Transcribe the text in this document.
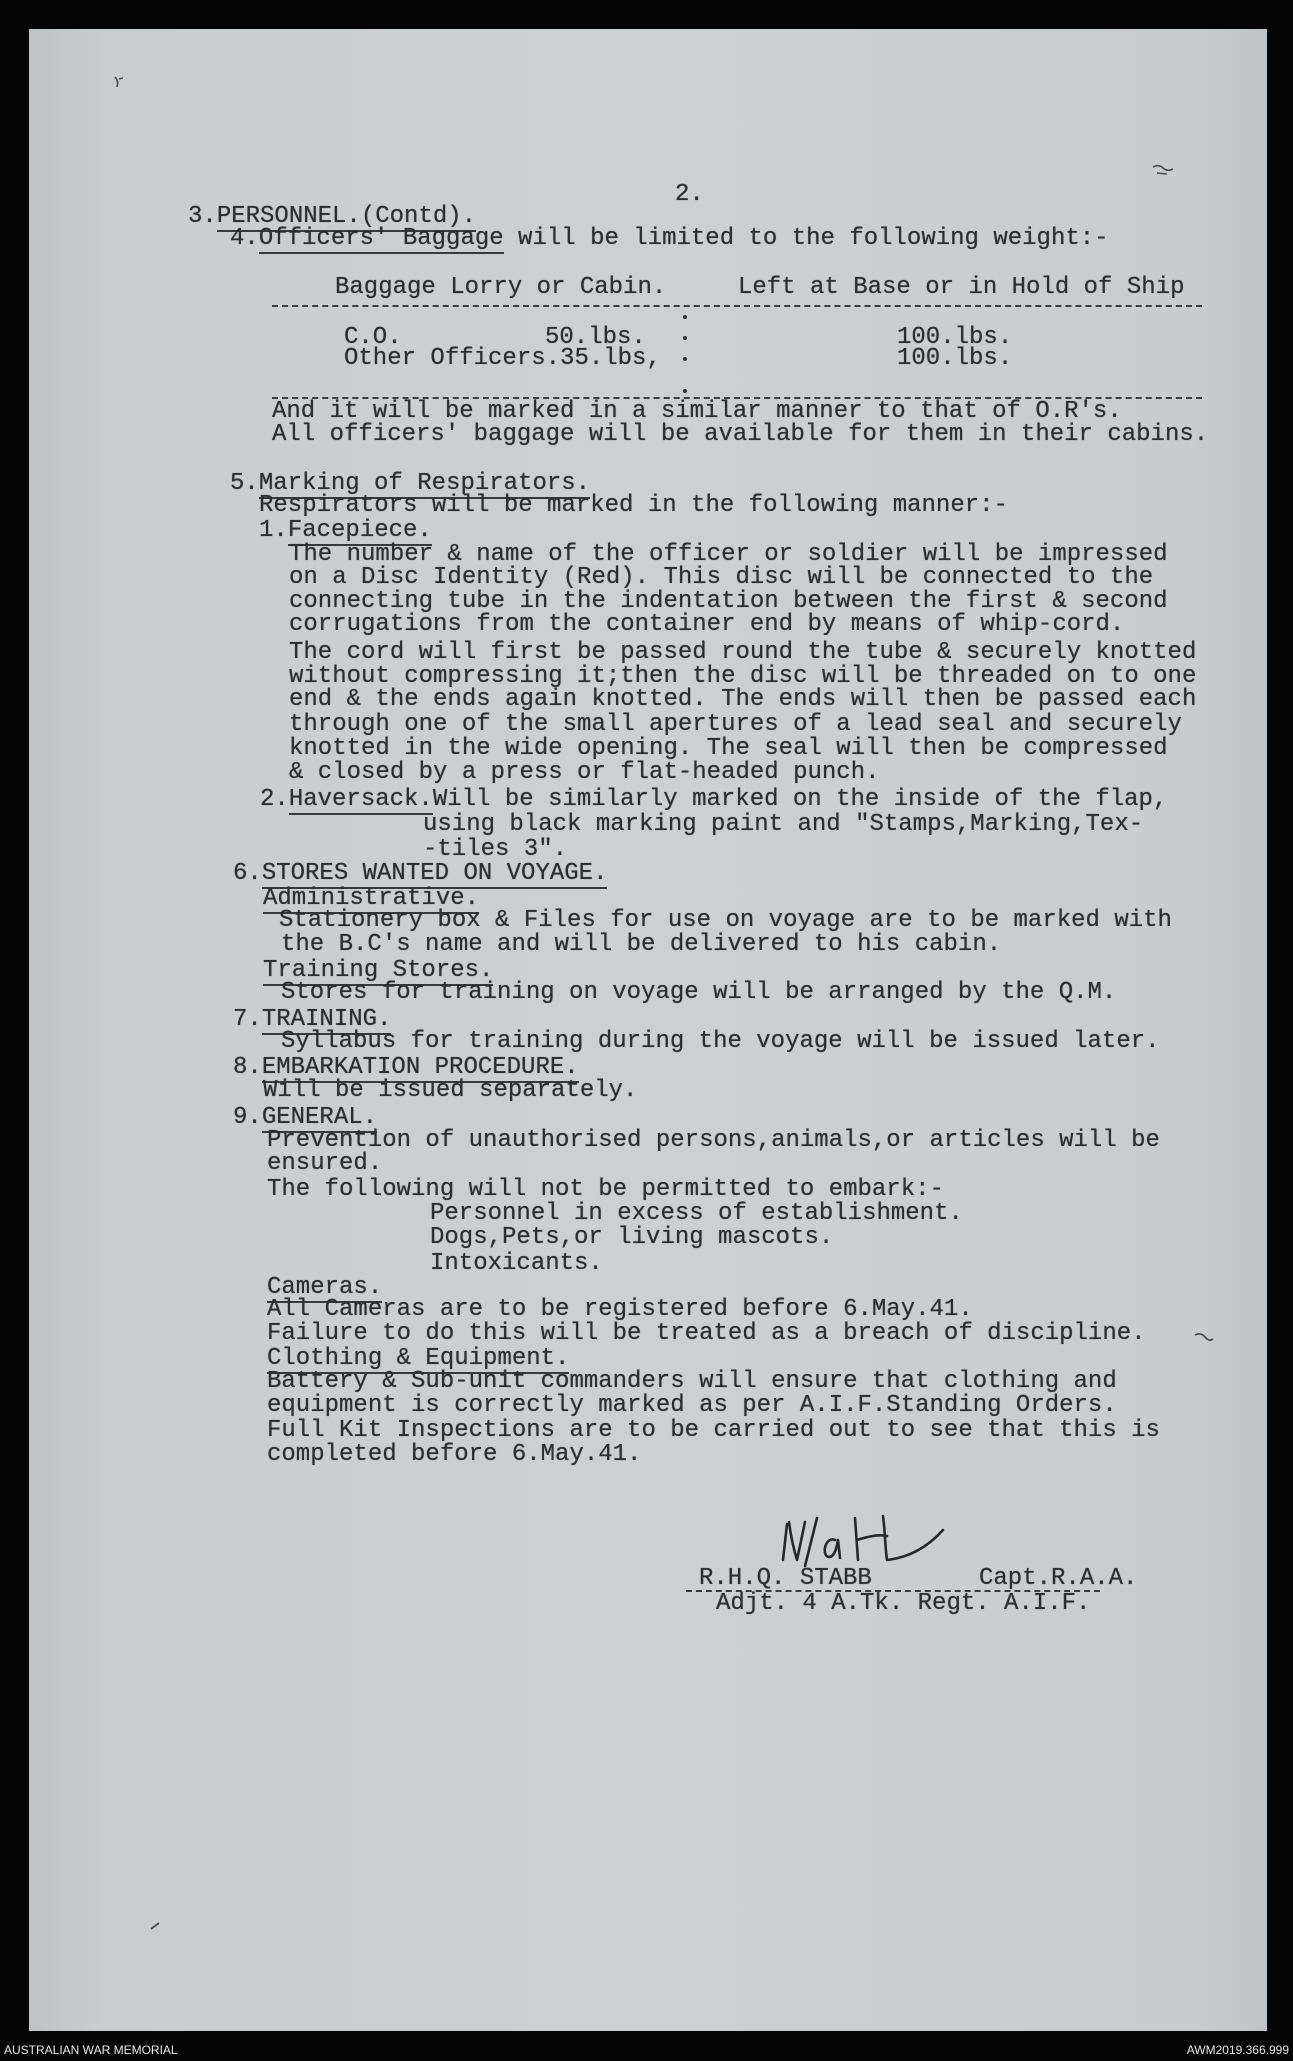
2.
3.PERSONNEL.(Contd).
4.Officers' Baggage will be limited to the following weight:-
Baggage Lorry or Cabin.	Left at Base or in Hold of Ship
C.O.	50.lbs.	100.lbs.
Other Officers.35.lbs,	100.lbs.
And it will be marked in a similar manner to that of O.R's.
All officers' baggage will be available for them in their cabins.
5.Marking of Respirators.
Respirators will be marked in the following manner:-
1.Facepiece.
The number & name of the officer or soldier will be impressed
on a Disc Identity (Red). This disc will be connected to the
connecting tube in the indentation between the first & second
corrugations from the container end by means of whip-cord.
The cord will first be passed round the tube & securely knotted
without compressing it;then the disc will be threaded on to one
end & the ends again knotted. The ends will then be passed each
through one of the small apertures of a lead seal and securely
knotted in the wide opening. The seal will then be compressed
& closed by a press or flat-headed punch.
2.Haversack.Will be similarly marked on the inside of the flap,
using black marking paint and "Stamps,Marking,Tex-
-tiles 3".
6.STORES WANTED ON VOYAGE.
Administrative.
Stationery box & Files for use on voyage are to be marked with
the B.C's name and will be delivered to his cabin.
Training Stores.
Stores for training on voyage will be arranged by the Q.M.
7.TRAINING.
Syllabus for training during the voyage will be issued later.
8.EMBARKATION PROCEDURE.
Will be issued separately.
9.GENERAL.
Prevention of unauthorised persons,animals,or articles will be
ensured.
The following will not be permitted to embark:-
Personnel in excess of establishment.
Dogs,Pets,or living mascots.
Intoxicants.
Cameras.
All Cameras are to be registered before 6.May.41.
Failure to do this will be treated as a breach of discipline.
Clothing & Equipment.
Battery & Sub-unit commanders will ensure that clothing and
equipment is correctly marked as per A.I.F.Standing Orders.
Full Kit Inspections are to be carried out to see that this is
completed before 6.May.41.
R.H.Q. STABB	Capt.R.A.A.
Adjt. 4 A.Tk. Regt. A.I.F.
AUSTRALIAN WAR MEMORIAL	AWM2019.366.999
